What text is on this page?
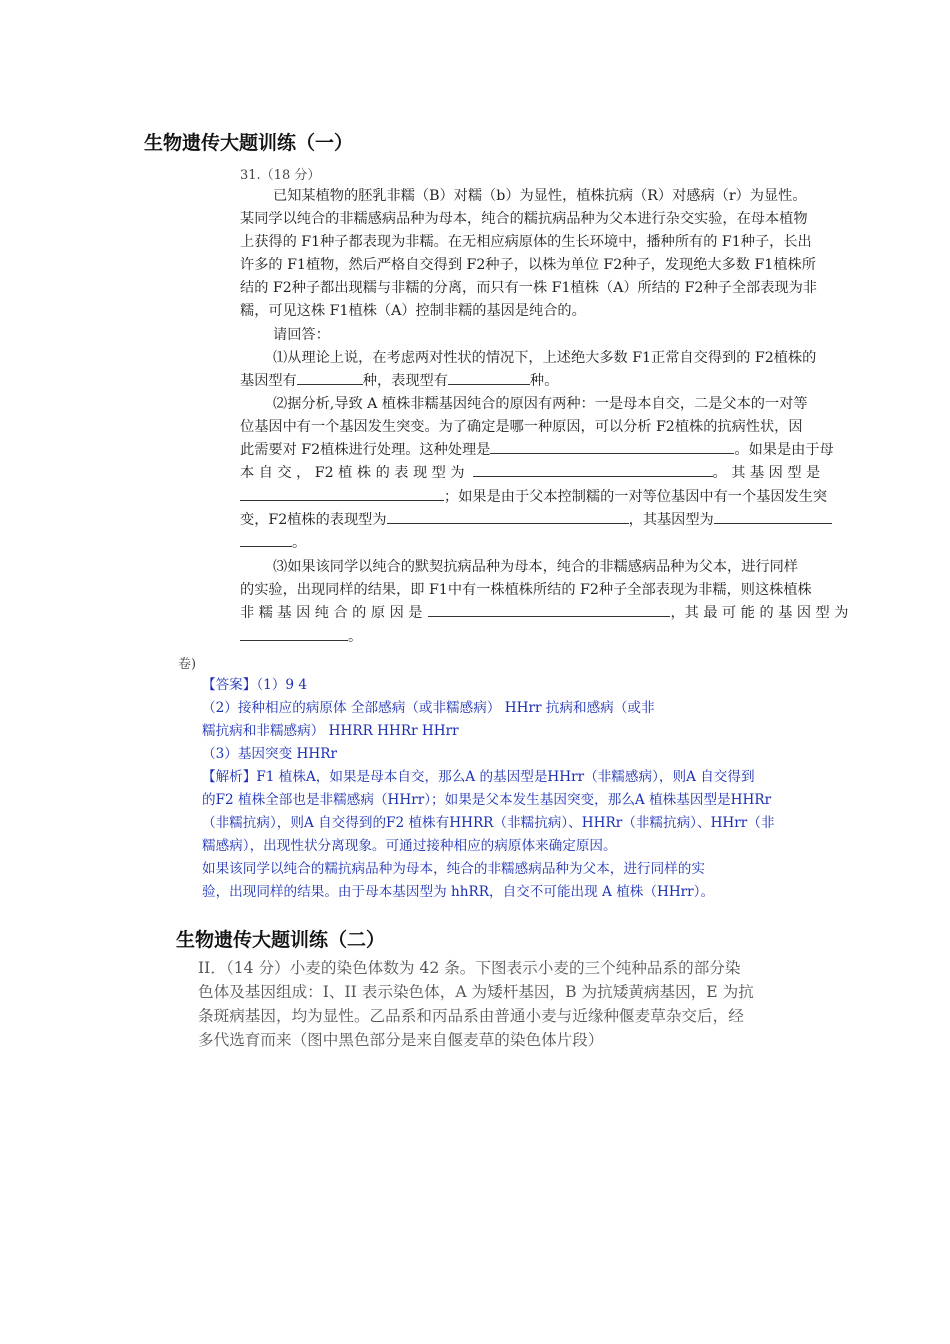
生物遗传大题训练（一）
31.（18 分）
已知某植物的胚乳非糯（B）对糯（b）为显性，植株抗病（R）对感病（r）为显性。
某同学以纯合的非糯感病品种为母本，纯合的糯抗病品种为父本进行杂交实验，在母本植物
上获得的 F1种子都表现为非糯。在无相应病原体的生长环境中，播种所有的 F1种子，长出
许多的 F1植物，然后严格自交得到 F2种子，以株为单位 F2种子，发现绝大多数 F1植株所
结的 F2种子都出现糯与非糯的分离，而只有一株 F1植株（A）所结的 F2种子全部表现为非
糯，可见这株 F1植株（A）控制非糯的基因是纯合的。
请回答：
⑴从理论上说，在考虑两对性状的情况下，上述绝大多数 F1正常自交得到的 F2植株的
基因型有	种，表现型有	种。
⑵据分析,导致 A 植株非糯基因纯合的原因有两种：一是母本自交，二是父本的一对等
位基因中有一个基因发生突变。为了确定是哪一种原因，可以分析 F2植株的抗病性状，因
此需要对 F2植株进行处理。这种处理是	。如果是由于母
本 自 交 ， F2 植 株 的 表 现 型 为	。 其 基 因 型 是
；如果是由于父本控制糯的一对等位基因中有一个基因发生突
变，F2植株的表现型为	，其基因型为
。
⑶如果该同学以纯合的默契抗病品种为母本，纯合的非糯感病品种为父本，进行同样
的实验，出现同样的结果，即 F1中有一株植株所结的 F2种子全部表现为非糯，则这株植株
非 糯 基 因 纯 合 的 原 因 是	，其 最 可 能 的 基 因 型 为
。
卷)
【答案】（1）9 4
（2）接种相应的病原体 全部感病（或非糯感病） HHrr 抗病和感病（或非
糯抗病和非糯感病） HHRR HHRr HHrr
（3）基因突变 HHRr
【解析】F1 植株A，如果是母本自交，那么A 的基因型是HHrr（非糯感病），则A 自交得到
的F2 植株全部也是非糯感病（HHrr）；如果是父本发生基因突变，那么A 植株基因型是HHRr
（非糯抗病），则A 自交得到的F2 植株有HHRR（非糯抗病）、HHRr（非糯抗病）、HHrr（非
糯感病），出现性状分离现象。可通过接种相应的病原体来确定原因。
如果该同学以纯合的糯抗病品种为母本，纯合的非糯感病品种为父本，进行同样的实
验，出现同样的结果。由于母本基因型为 hhRR，自交不可能出现 A 植株（HHrr）。
生物遗传大题训练（二）
II．（14 分）小麦的染色体数为 42 条。下图表示小麦的三个纯种品系的部分染
色体及基因组成：I、II 表示染色体，A 为矮杆基因，B 为抗矮黄病基因，E 为抗
条斑病基因，均为显性。乙品系和丙品系由普通小麦与近缘种偃麦草杂交后，经
多代选育而来（图中黑色部分是来自偃麦草的染色体片段）
